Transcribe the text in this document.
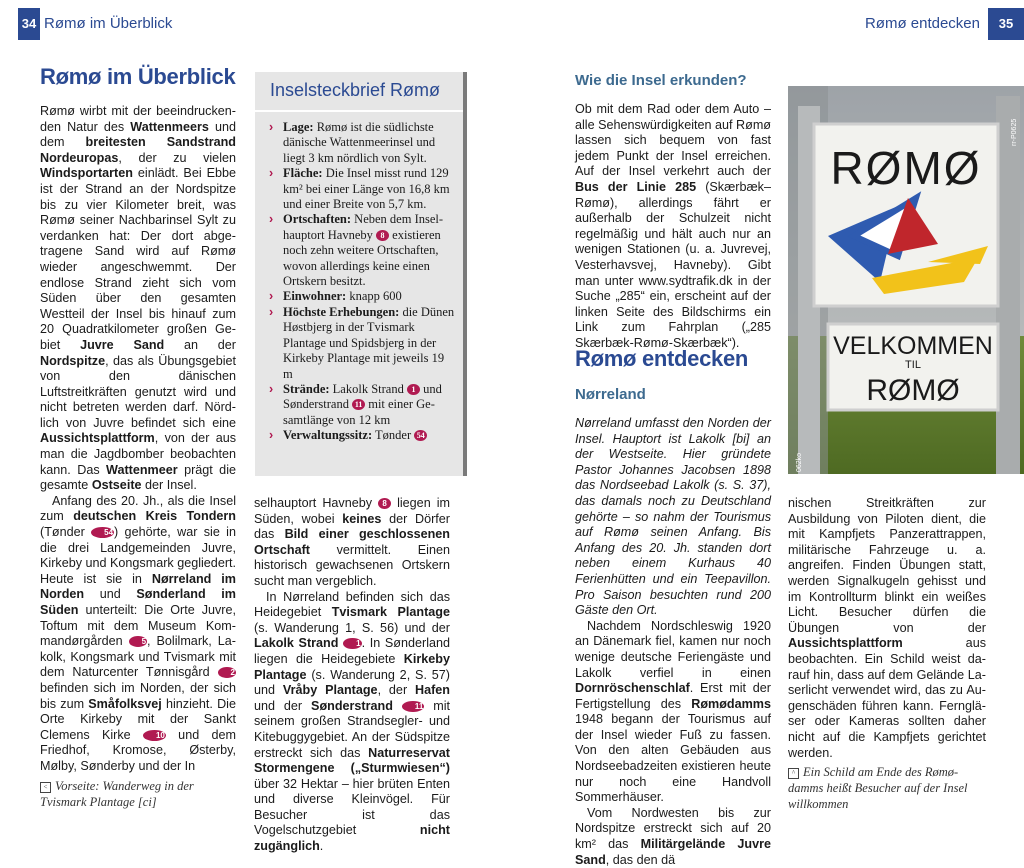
34 Rømø im Überblick	Rømø entdecken	35
Rømø im Überblick

Rømø wirbt mit der beeindruckenden Natur des Wattenmeers und dem breitesten Sandstrand Nordeuropas, der zu vielen Windsportarten einlädt. Bei Ebbe ist der Strand an der Nordspitze bis zu vier Kilometer breit, was Rømø seiner Nachbarinsel Sylt zu verdanken hat: Der dort abgetragene Sand wird auf Rømø wieder angeschwemmt. Der endlose Strand zieht sich vom Süden über den gesamten Westteil der Insel bis hinauf zum 20 Quadratkilometer großen Gebiet Juvre Sand an der Nordspitze, das als Übungsgebiet von den dänischen Luftstreitkräften genutzt wird und nicht betreten werden darf. Nördlich von Juvre befindet sich eine Aussichtsplattform, von der aus man die Jagdbomber beobachten kann. Das Wattenmeer prägt die gesamte Ostseite der Insel.

Anfang des 20. Jh., als die Insel zum deutschen Kreis Tondern (Tønder 54) gehörte, war sie in die drei Landgemeinden Juvre, Kirkeby und Kongsmark gegliedert. Heute ist sie in Nørreland im Norden und Sønderland im Süden unterteilt: Die Orte Juvre, Toftum mit dem Museum Kommandørgården 5, Bolilmark, Lakolk, Kongsmark und Tvismark mit dem Naturcenter Tønnisgård 2 befinden sich im Norden, der sich bis zum Småfolksvej hinzieht. Die Orte Kirkeby mit der Sankt Clemens Kirke 10 und dem Friedhof, Kromose, Østerby, Mølby, Sønderby und der In

Inselsteckbrief Rømø
› Lage: Rømø ist die südlichste dänische Wattenmeerinsel und liegt 3 km nördlich von Sylt.
› Fläche: Die Insel misst rund 129 km² bei einer Länge von 16,8 km und einer Breite von 5,7 km.
› Ortschaften: Neben dem Inselhauptort Havneby 8 existieren noch zehn weitere Ortschaften, wovon allerdings keine einen Ortskern besitzt.
› Einwohner: knapp 600
› Höchste Erhebungen: die Dünen Høstbjerg in der Tvismark Plantage und Spidsbjerg in der Kirkeby Plantage mit jeweils 19 m
› Strände: Lakolk Strand 1 und Sønderstrand 11 mit einer Gesamtlänge von 12 km
› Verwaltungssitz: Tønder 54

selhauptort Havneby 8 liegen im Süden, wobei keines der Dörfer das Bild einer geschlossenen Ortschaft vermittelt. Einen historisch gewachsenen Ortskern sucht man vergeblich.

In Nørreland befinden sich das Heidegebiet Tvismark Plantage (s. Wanderung 1, S. 56) und der Lakolk Strand 1. In Sønderland liegen die Heidegebiete Kirkeby Plantage (s. Wanderung 2, S. 57) und Vråby Plantage, der Hafen und der Sønderstrand	11 mit seinem großen Strandsegler- und Kitebuggygebiet. An der Südspitze erstreckt sich das Naturreservat Stormengene („Sturmwiesen“) über 32 Hektar – hier brüten Enten und diverse Kleinvögel. Für Besucher ist das Vogelschutzgebiet nicht zugänglich.

< Vorseite: Wanderweg in der Tvismark Plantage [ci]
Wie die Insel erkunden?

Ob mit dem Rad oder dem Auto – alle Sehenswürdigkeiten auf Rømø lassen sich bequem von fast jedem Punkt der Insel erreichen. Auf der Insel verkehrt auch der Bus der Linie 285 (Skærbæk–Rømø), allerdings fährt er außerhalb der Schulzeit nicht regelmäßig und hält auch nur an wenigen Stationen (u. a. Juvrevej, Vesterhavsvej, Havneby). Gibt man unter www.sydtrafik.dk in der Suche „285“ ein, erscheint auf der linken Seite des Bildschirms ein Link zum Fahrplan („285 Skærbæk-Rømø-Skærbæk“).

Rømø entdecken
Nørreland

Nørreland umfasst den Norden der Insel. Hauptort ist Lakolk [bi] an der Westseite. Hier gründete Pastor Johannes Jacobsen 1898 das Nordseebad Lakolk (s. S. 37), das damals noch zu Deutschland gehörte – so nahm der Tourismus auf Rømø seinen Anfang. Bis Anfang des 20. Jh. standen dort neben einem Kurhaus 40 Ferienhütten und ein Teepavillon. Pro Saison besuchten rund 200 Gäste den Ort.

Nachdem Nordschleswig 1920 an Dänemark fiel, kamen nur noch wenige deutsche Feriengäste und Lakolk verfiel in einen Dornröschenschlaf. Erst mit der Fertigstellung des Rømødamms 1948 begann der Tourismus auf der Insel wieder Fuß zu fassen. Von den alten Gebäuden aus Nordseebadzeiten existieren heute nur noch eine Handvoll Sommerhäuser.

Vom Nordwesten bis zur Nordspitze erstreckt sich auf 20 km² das Militärgelände Juvre Sand, das den dä

nischen Streitkräften zur Ausbildung von Piloten dient, die mit Kampfjets Panzerattrappen, militärische Fahrzeuge u. a. angreifen. Finden Übungen statt, werden Signalkugeln gehisst und im Kontrollturm blinkt ein weißes Licht. Besucher dürfen die Übungen von der Aussichtsplattform aus beobachten. Ein Schild weist darauf hin, dass auf dem Gelände Laserlicht verwendet wird, das zu Augenschäden führen kann. Ferngläser oder Kameras sollten daher nicht auf die Kampfjets gerichtet werden.

RØMØ
VELKOMMEN
TIL
RØMØ
062ko
rr-P0625
^ Ein Schild am Ende des Rømødamms heißt Besucher auf der Insel willkommen
